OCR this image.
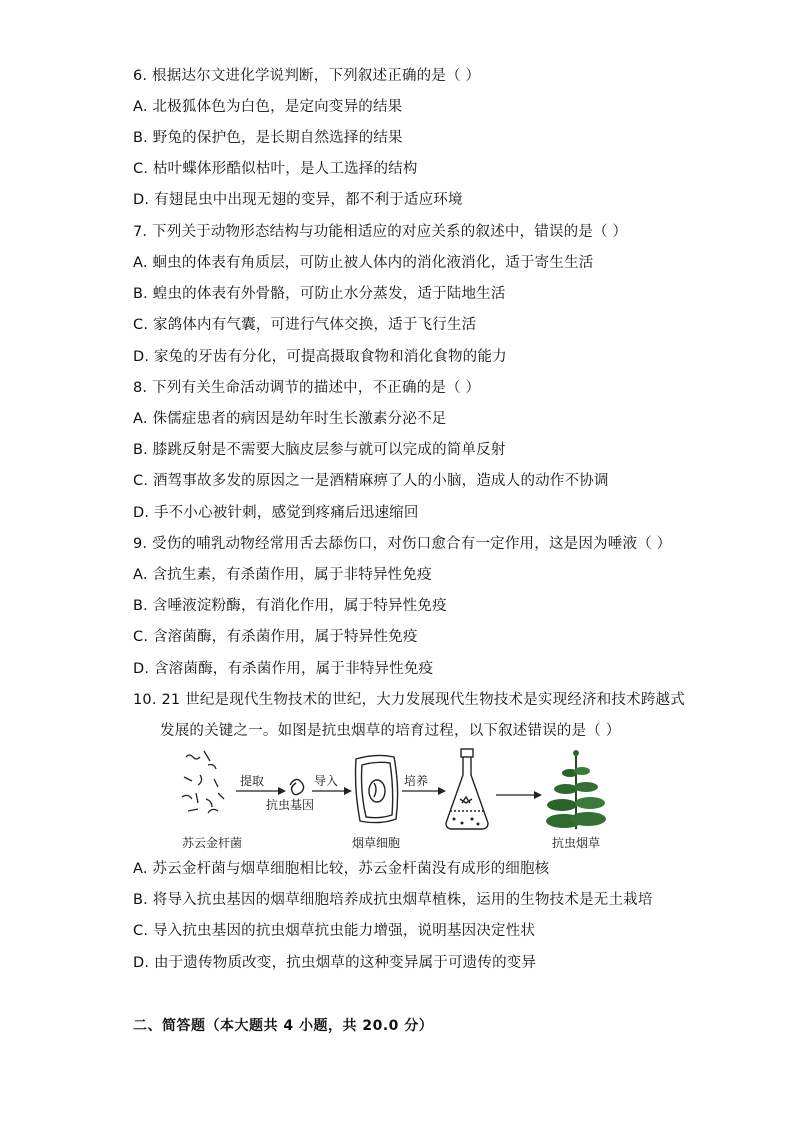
6. 根据达尔文进化学说判断，下列叙述正确的是（ ）
A. 北极狐体色为白色，是定向变异的结果
B. 野兔的保护色，是长期自然选择的结果
C. 枯叶蝶体形酷似枯叶，是人工选择的结构
D. 有翅昆虫中出现无翅的变异，都不利于适应环境
7. 下列关于动物形态结构与功能相适应的对应关系的叙述中，错误的是（ ）
A. 蛔虫的体表有角质层，可防止被人体内的消化液消化，适于寄生生活
B. 蝗虫的体表有外骨骼，可防止水分蒸发，适于陆地生活
C. 家鸽体内有气囊，可进行气体交换，适于飞行生活
D. 家兔的牙齿有分化，可提高摄取食物和消化食物的能力
8. 下列有关生命活动调节的描述中，不正确的是（ ）
A. 侏儒症患者的病因是幼年时生长激素分泌不足
B. 膝跳反射是不需要大脑皮层参与就可以完成的简单反射
C. 酒驾事故多发的原因之一是酒精麻痹了人的小脑，造成人的动作不协调
D. 手不小心被针刺，感觉到疼痛后迅速缩回
9. 受伤的哺乳动物经常用舌去舔伤口，对伤口愈合有一定作用，这是因为唾液（ ）
A. 含抗生素，有杀菌作用，属于非特异性免疫
B. 含唾液淀粉酶，有消化作用，属于特异性免疫
C. 含溶菌酶，有杀菌作用，属于特异性免疫
D. 含溶菌酶，有杀菌作用，属于非特异性免疫
10. 21 世纪是现代生物技术的世纪，大力发展现代生物技术是实现经济和技术跨越式
发展的关键之一。如图是抗虫烟草的培育过程，以下叙述错误的是（ ）
苏云金杆菌
提取
抗虫基因
导入
烟草细胞
培养
抗虫烟草
A. 苏云金杆菌与烟草细胞相比较，苏云金杆菌没有成形的细胞核
B. 将导入抗虫基因的烟草细胞培养成抗虫烟草植株，运用的生物技术是无土栽培
C. 导入抗虫基因的抗虫烟草抗虫能力增强，说明基因决定性状
D. 由于遗传物质改变，抗虫烟草的这种变异属于可遗传的变异
二、简答题（本大题共 4 小题，共 20.0 分）
